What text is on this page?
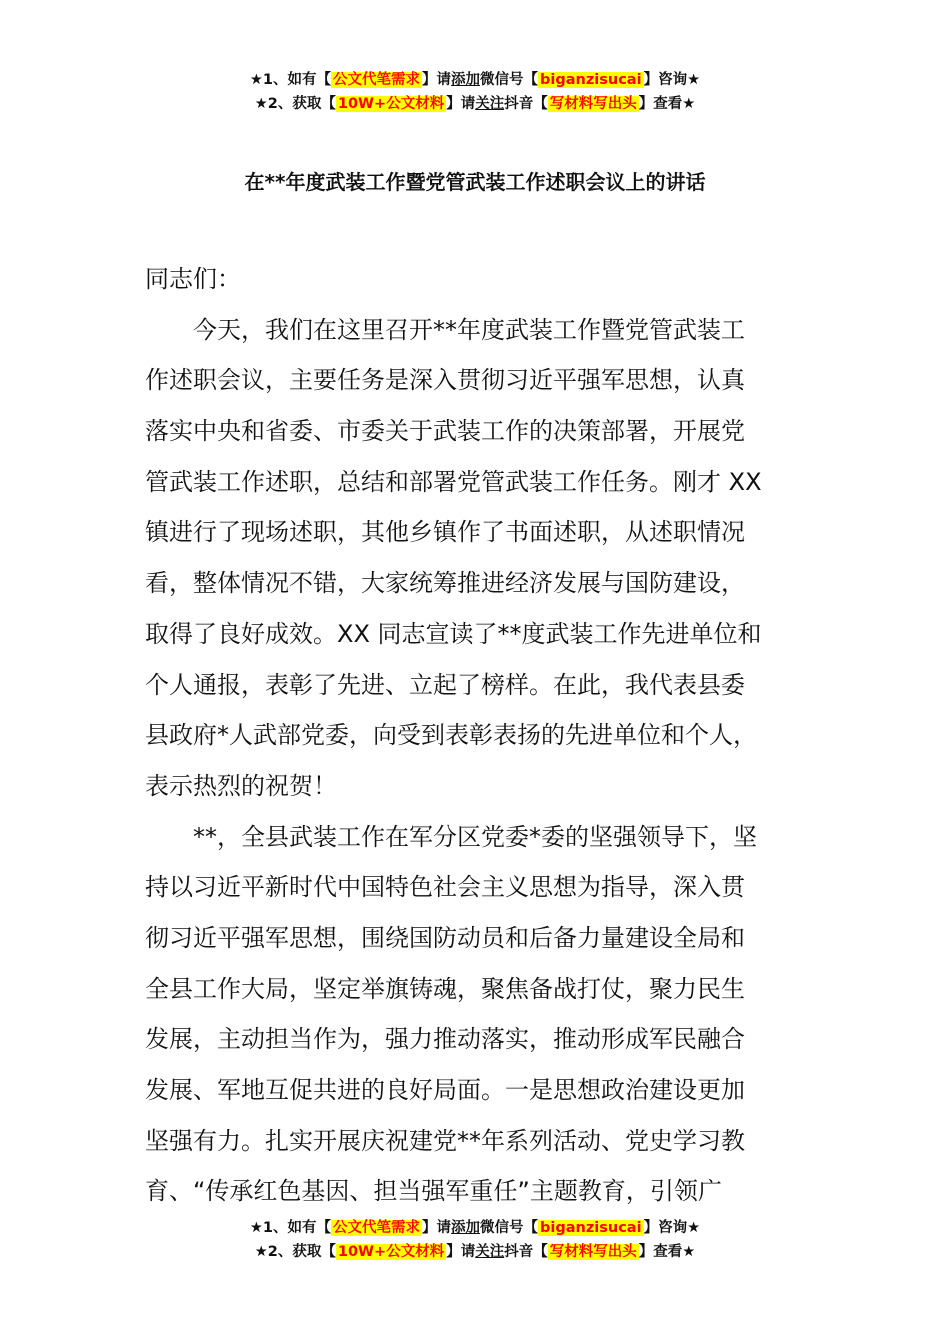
★1、如有【 公文代笔需求 】请添加微信号【 biganzisucai 】咨询★
★2、获取【 10W+公文材料 】请关注抖音【 写材料写出头 】查看★
在**年度武装工作暨党管武装工作述职会议上的讲话
同志们：
今天，我们在这里召开**年度武装工作暨党管武装工
作述职会议，主要任务是深入贯彻习近平强军思想，认真
落实中央和省委、市委关于武装工作的决策部署，开展党
管武装工作述职，总结和部署党管武装工作任务。刚才 XX
镇进行了现场述职，其他乡镇作了书面述职，从述职情况
看，整体情况不错，大家统筹推进经济发展与国防建设，
取得了良好成效。XX 同志宣读了**度武装工作先进单位和
个人通报，表彰了先进、立起了榜样。在此，我代表县委
县政府*人武部党委，向受到表彰表扬的先进单位和个人，
表示热烈的祝贺！
**，全县武装工作在军分区党委*委的坚强领导下，坚
持以习近平新时代中国特色社会主义思想为指导，深入贯
彻习近平强军思想，围绕国防动员和后备力量建设全局和
全县工作大局，坚定举旗铸魂，聚焦备战打仗，聚力民生
发展，主动担当作为，强力推动落实，推动形成军民融合
发展、军地互促共进的良好局面。一是思想政治建设更加
坚强有力。扎实开展庆祝建党**年系列活动、党史学习教
育、“传承红色基因、担当强军重任”主题教育，引领广
★1、如有【 公文代笔需求 】请添加微信号【 biganzisucai 】咨询★
★2、获取【 10W+公文材料 】请关注抖音【 写材料写出头 】查看★
